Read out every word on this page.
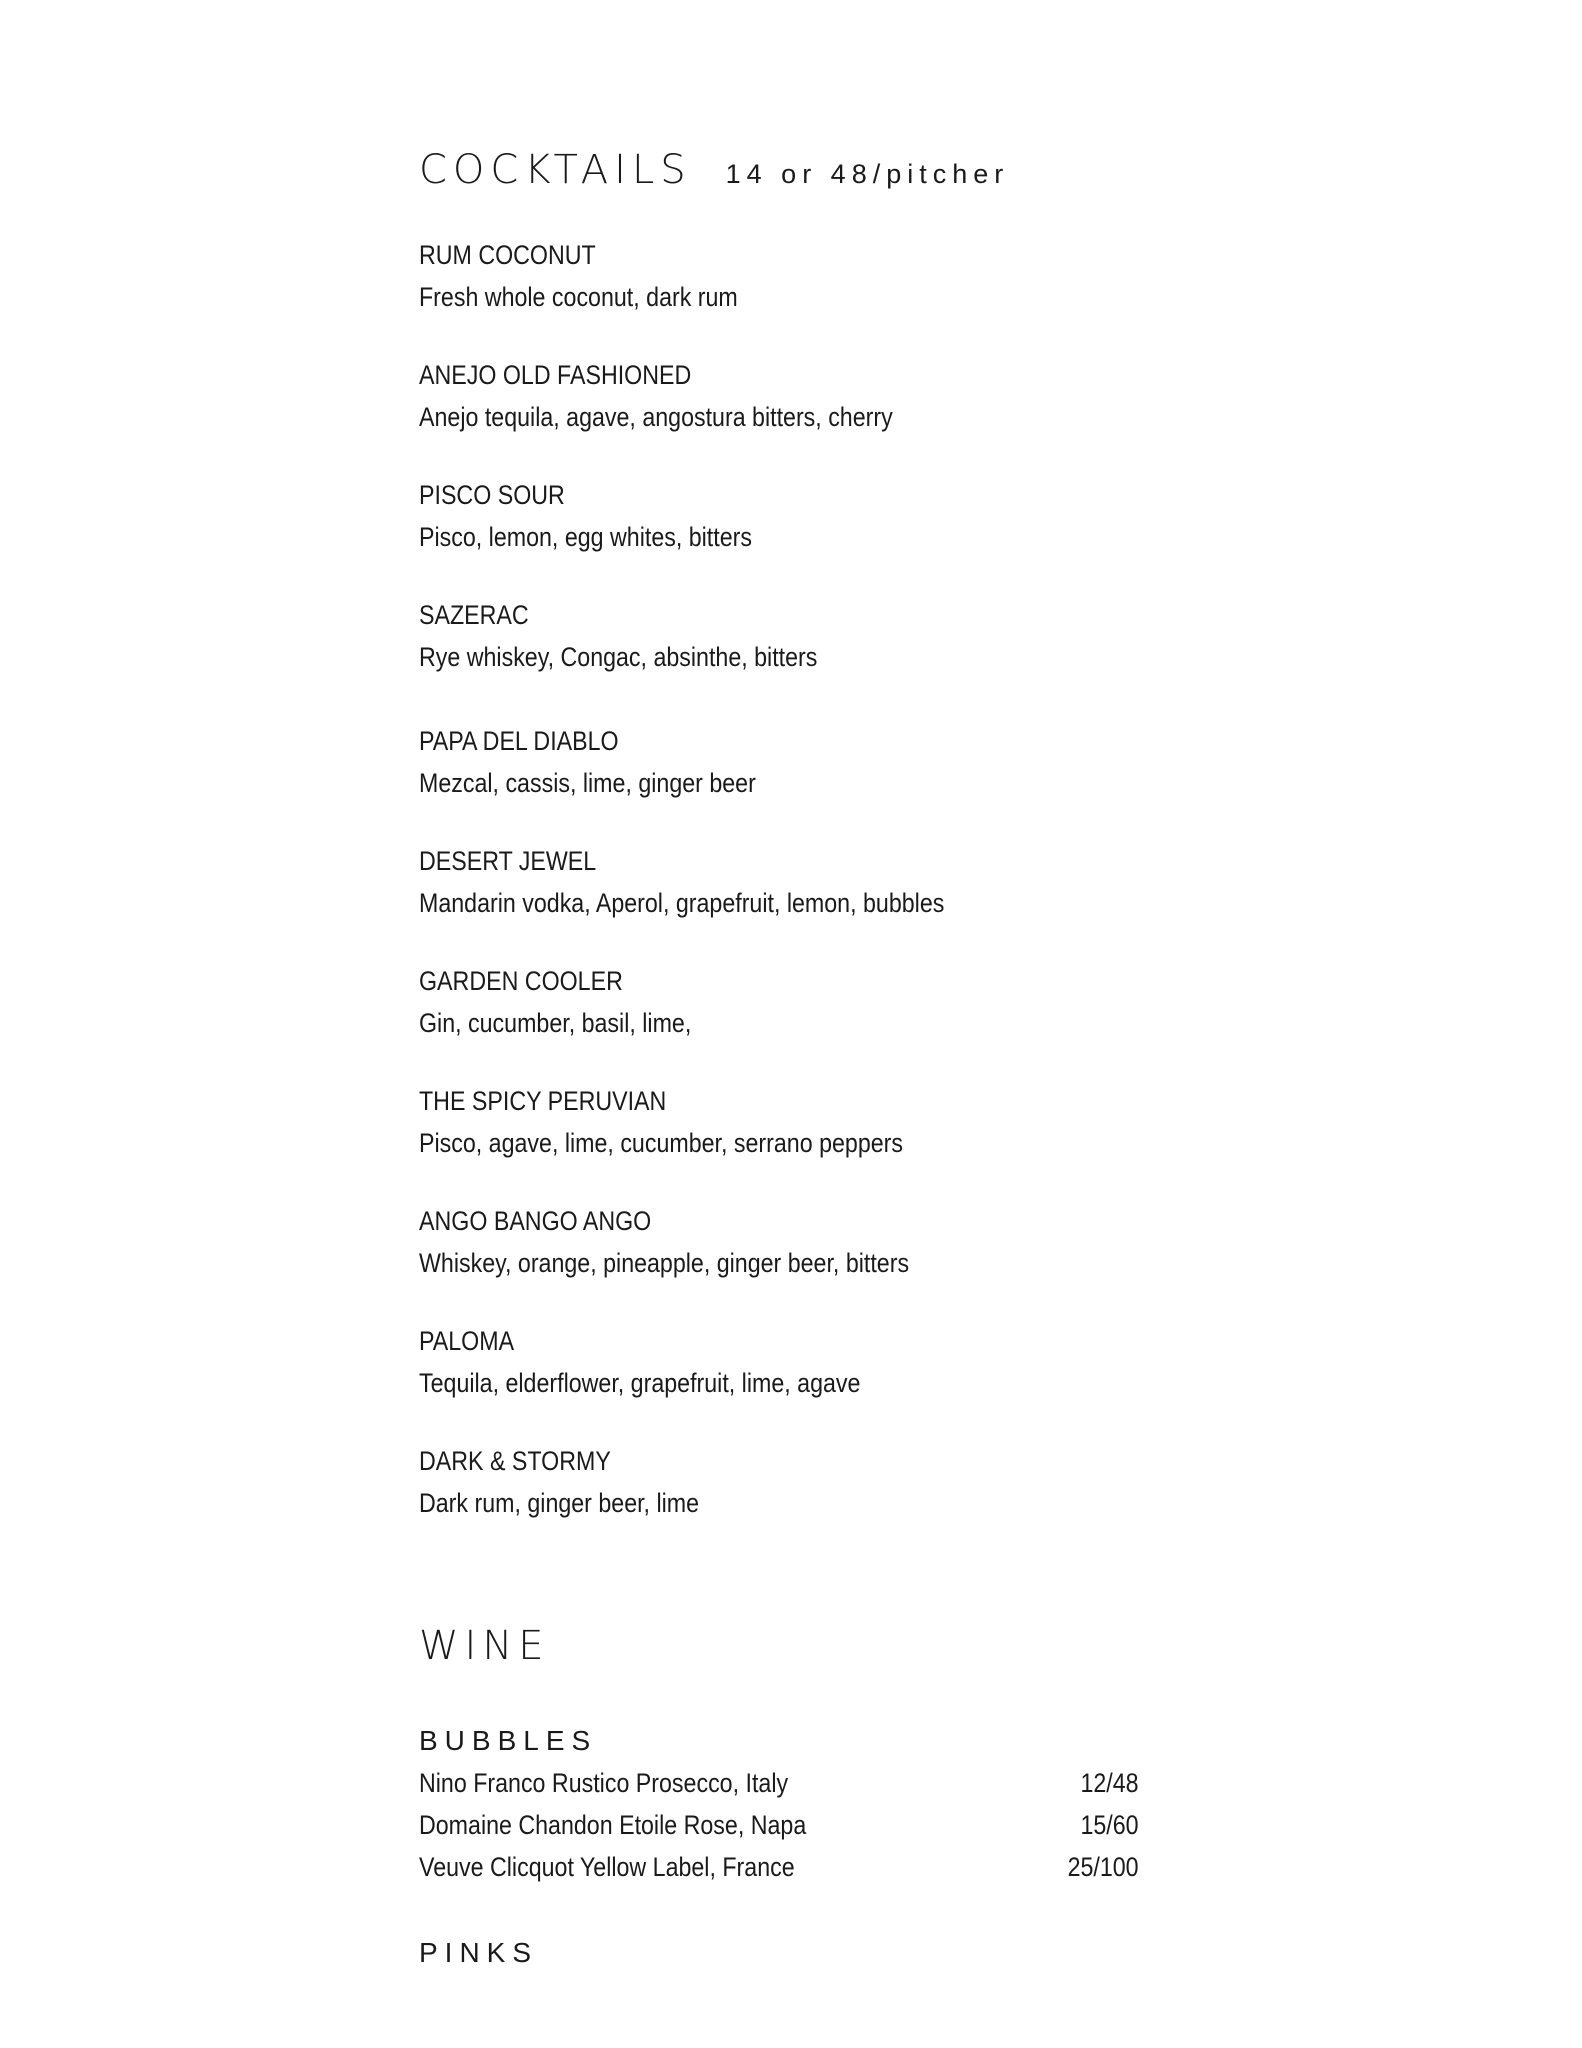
COCKTAILS 14 or 48/pitcher
RUM COCONUT
Fresh whole coconut, dark rum
ANEJO OLD FASHIONED
Anejo tequila, agave, angostura bitters, cherry
PISCO SOUR
Pisco, lemon, egg whites, bitters
SAZERAC
Rye whiskey, Congac, absinthe, bitters
PAPA DEL DIABLO
Mezcal, cassis, lime, ginger beer
DESERT JEWEL
Mandarin vodka, Aperol, grapefruit, lemon, bubbles
GARDEN COOLER
Gin, cucumber, basil, lime,
THE SPICY PERUVIAN
Pisco, agave, lime, cucumber, serrano peppers
ANGO BANGO ANGO
Whiskey, orange, pineapple, ginger beer, bitters
PALOMA
Tequila, elderflower, grapefruit, lime, agave
DARK & STORMY
Dark rum, ginger beer, lime
WINE
BUBBLES
Nino Franco Rustico Prosecco, Italy	12/48
Domaine Chandon Etoile Rose, Napa	15/60
Veuve Clicquot Yellow Label, France	25/100
PINKS
